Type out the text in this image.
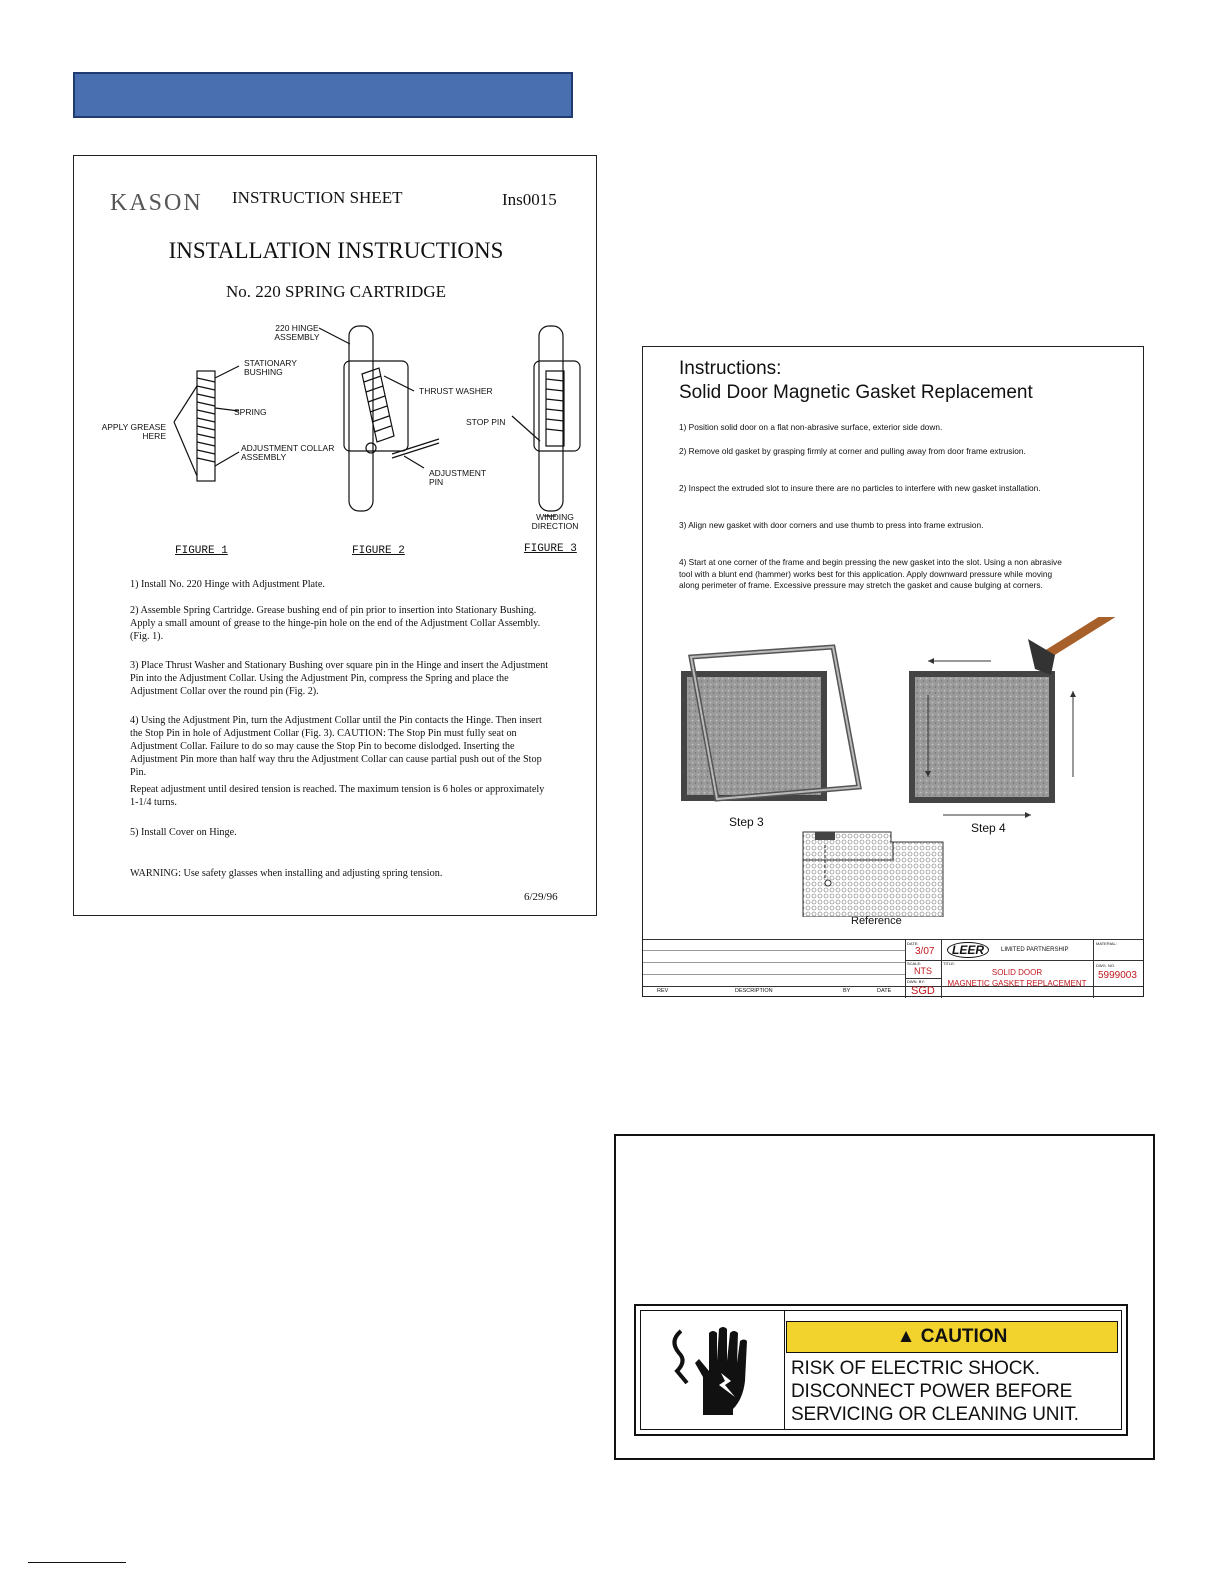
KASON INSTRUCTION SHEET	Ins0015
INSTALLATION INSTRUCTIONS
No. 220 SPRING CARTRIDGE
220 HINGE ASSEMBLY
STATIONARY BUSHING
SPRING
APPLY GREASE HERE
ADJUSTMENT COLLAR ASSEMBLY
THRUST WASHER
ADJUSTMENT PIN
STOP PIN
WINDING DIRECTION
FIGURE 1	FIGURE 2	FIGURE 3
1) Install No. 220 Hinge with Adjustment Plate.
2) Assemble Spring Cartridge. Grease bushing end of pin prior to insertion into Stationary Bushing. Apply a small amount of grease to the hinge-pin hole on the end of the Adjustment Collar Assembly. (Fig. 1).
3) Place Thrust Washer and Stationary Bushing over square pin in the Hinge and insert the Adjustment Pin into the Adjustment Collar. Using the Adjustment Pin, compress the Spring and place the Adjustment Collar over the round pin (Fig. 2).
4) Using the Adjustment Pin, turn the Adjustment Collar until the Pin contacts the Hinge. Then insert the Stop Pin in hole of Adjustment Collar (Fig. 3). CAUTION: The Stop Pin must fully seat on Adjustment Collar. Failure to do so may cause the Stop Pin to become dislodged. Inserting the Adjustment Pin more than half way thru the Adjustment Collar can cause partial push out of the Stop Pin.
Repeat adjustment until desired tension is reached. The maximum tension is 6 holes or approximately 1-1/4 turns.
5) Install Cover on Hinge.
WARNING: Use safety glasses when installing and adjusting spring tension.
6/29/96
Instructions:
Solid Door Magnetic Gasket Replacement
1) Position solid door on a flat non-abrasive surface, exterior side down.
2) Remove old gasket by grasping firmly at corner and pulling away from door frame extrusion.
2) Inspect the extruded slot to insure there are no particles to interfere with new gasket installation.
3) Align new gasket with door corners and use thumb to press into frame extrusion.
4) Start at one corner of the frame and begin pressing the new gasket into the slot. Using a non abrasive tool with a blunt end (hammer) works best for this application. Apply downward pressure while moving along perimeter of frame. Excessive pressure may stretch the gasket and cause bulging at corners.
Step 3	Step 4
Reference
REV	DESCRIPTION	BY	DATE
DATE:
3/07
SCALE:
NTS
DWN. BY:
SGD
LEER	LIMITED PARTNERSHIP
TITLE:
SOLID DOOR
MAGNETIC GASKET REPLACEMENT
MATERIAL:
DWG. NO.
5999003
▲ CAUTION
RISK OF ELECTRIC SHOCK.
DISCONNECT POWER BEFORE
SERVICING OR CLEANING UNIT.
